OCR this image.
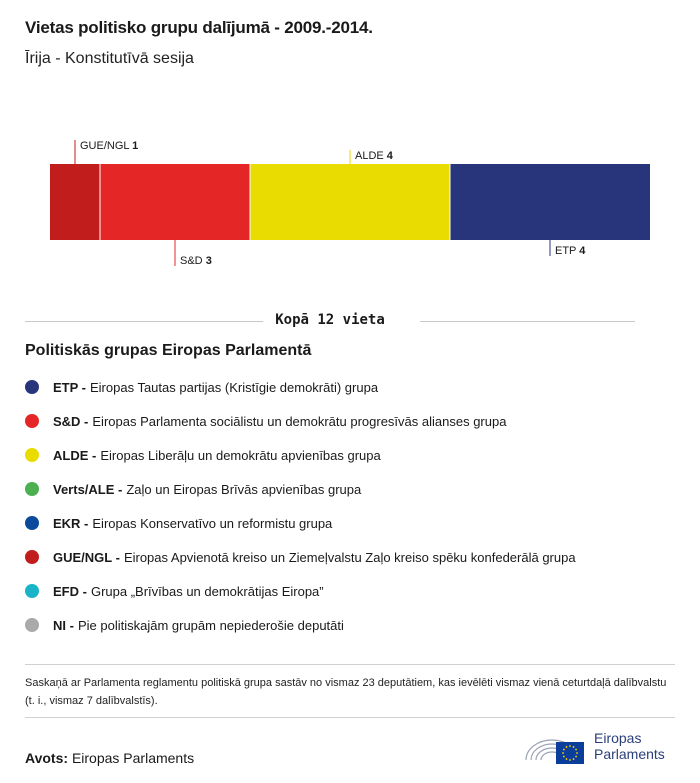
Vietas politisko grupu dalījumā - 2009.-2014.
Īrija - Konstitutīvā sesija
GUE/NGL 1
S&D 3
ALDE 4
ETP 4
Kopā 12 vieta
Politiskās grupas Eiropas Parlamentā
ETP - Eiropas Tautas partijas (Kristīgie demokrāti) grupa
S&D - Eiropas Parlamenta sociālistu un demokrātu progresīvās alianses grupa
ALDE - Eiropas Liberāļu un demokrātu apvienības grupa
Verts/ALE - Zaļo un Eiropas Brīvās apvienības grupa
EKR - Eiropas Konservatīvo un reformistu grupa
GUE/NGL - Eiropas Apvienotā kreiso un Ziemeļvalstu Zaļo kreiso spēku konfederālā grupa
EFD - Grupa „Brīvības un demokrātijas Eiropa”
NI - Pie politiskajām grupām nepiederošie deputāti
Saskaņā ar Parlamenta reglamentu politiskā grupa sastāv no vismaz 23 deputātiem, kas ievēlēti vismaz vienā ceturtdaļā dalībvalstu (t. i., vismaz 7 dalībvalstīs).
Avots: Eiropas Parlaments
Eiropas
Parlaments
